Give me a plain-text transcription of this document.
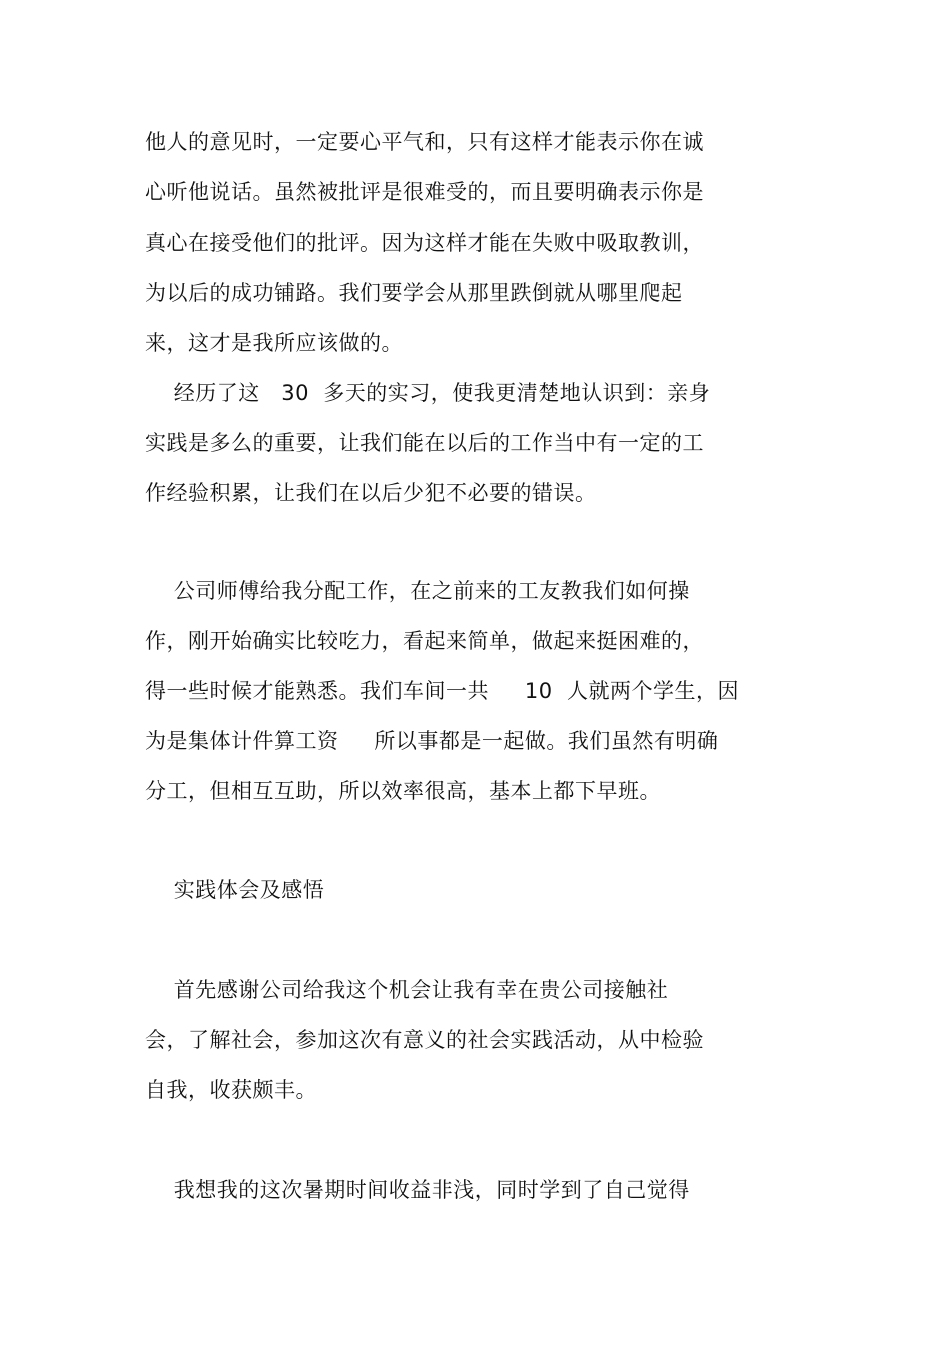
他人的意见时，一定要心平气和，只有这样才能表示你在诚
心听他说话。虽然被批评是很难受的，而且要明确表示你是
真心在接受他们的批评。因为这样才能在失败中吸取教训，
为以后的成功铺路。我们要学会从那里跌倒就从哪里爬起
来，这才是我所应该做的。
经历了这   30  多天的实习，使我更清楚地认识到：亲身
实践是多么的重要，让我们能在以后的工作当中有一定的工
作经验积累，让我们在以后少犯不必要的错误。
公司师傅给我分配工作，在之前来的工友教我们如何操
作，刚开始确实比较吃力，看起来简单，做起来挺困难的，
得一些时候才能熟悉。我们车间一共     10  人就两个学生，因
为是集体计件算工资     所以事都是一起做。我们虽然有明确
分工，但相互互助，所以效率很高，基本上都下早班。
实践体会及感悟
首先感谢公司给我这个机会让我有幸在贵公司接触社
会，了解社会，参加这次有意义的社会实践活动，从中检验
自我，收获颇丰。
我想我的这次暑期时间收益非浅，同时学到了自己觉得
